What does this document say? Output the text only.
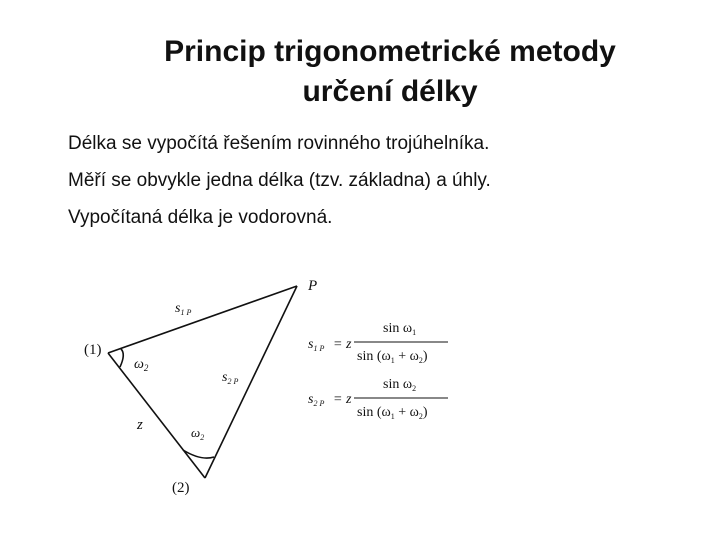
Princip trigonometrické metody
určení délky
Délka se vypočítá řešením rovinného trojúhelníka.
Měří se obvykle jedna délka (tzv. základna) a úhly.
Vypočítaná délka je vodorovná.
P
(1)
(2)
$s_{1 P}$
$s_{2 P}$
z
$\omega_2$
$\omega_2$
$s_{1 P} = z$
$\sin \omega_1$
$\sin (\omega_1 + \omega_2)$
$s_{2 P} = z$
$\sin \omega_2$
$\sin (\omega_1 + \omega_2)$
